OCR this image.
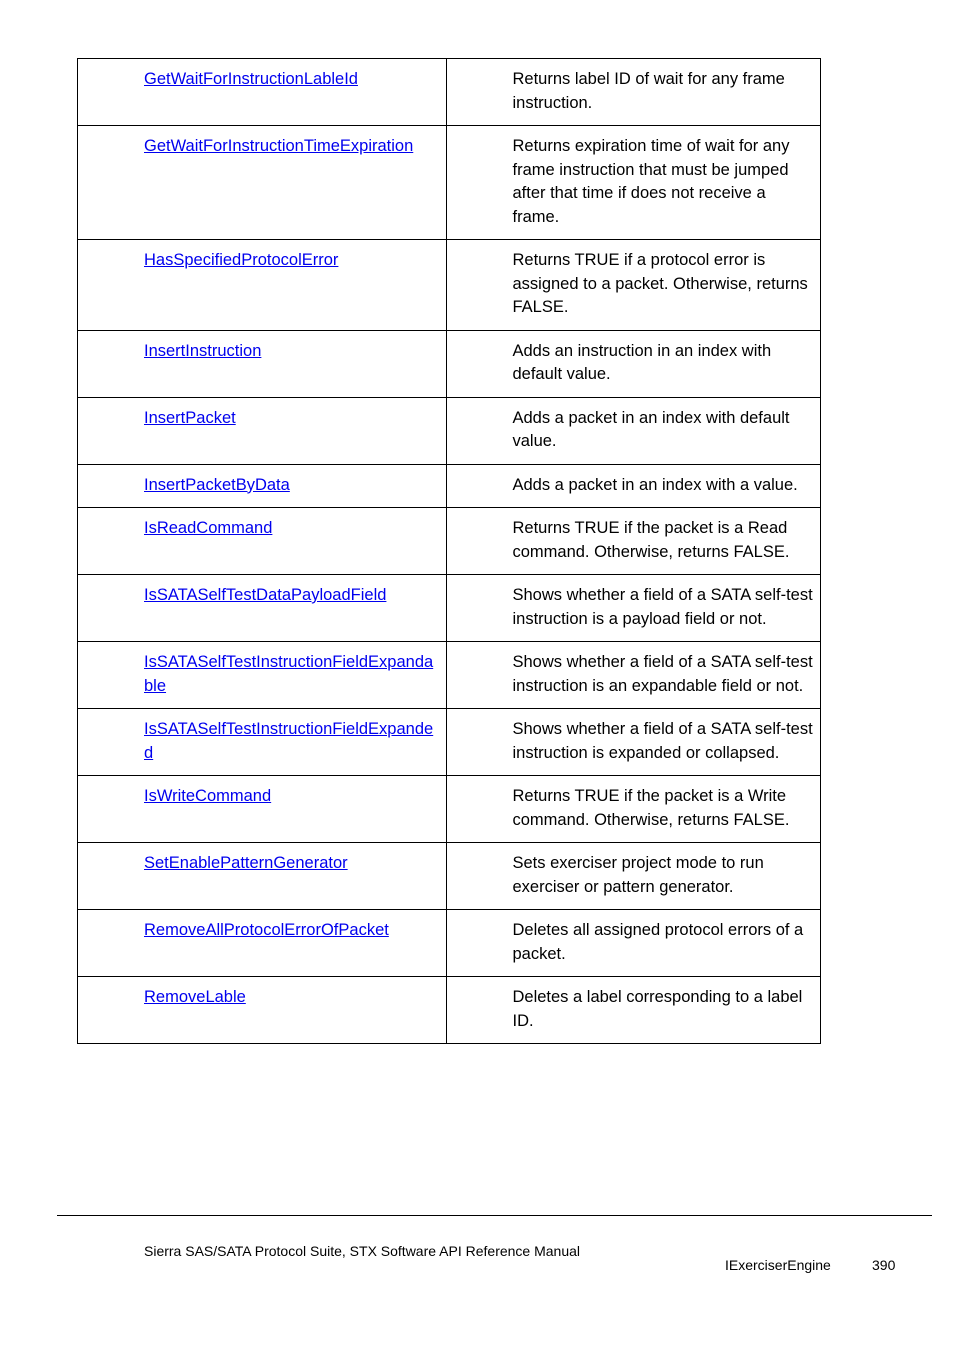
GetWaitForInstructionLableId	Returns label ID of wait for any frame instruction.
GetWaitForInstructionTimeExpiration	Returns expiration time of wait for any frame instruction that must be jumped after that time if does not receive a frame.
HasSpecifiedProtocolError	Returns TRUE if a protocol error is assigned to a packet. Otherwise, returns FALSE.
InsertInstruction	Adds an instruction in an index with default value.
InsertPacket	Adds a packet in an index with default value.
InsertPacketByData	Adds a packet in an index with a value.
IsReadCommand	Returns TRUE if the packet is a Read command. Otherwise, returns FALSE.
IsSATASelfTestDataPayloadField	Shows whether a field of a SATA self-test instruction is a payload field or not.
IsSATASelfTestInstructionFieldExpandable	Shows whether a field of a SATA self-test instruction is an expandable field or not.
IsSATASelfTestInstructionFieldExpanded	Shows whether a field of a SATA self-test instruction is expanded or collapsed.
IsWriteCommand	Returns TRUE if the packet is a Write command. Otherwise, returns FALSE.
SetEnablePatternGenerator	Sets exerciser project mode to run exerciser or pattern generator.
RemoveAllProtocolErrorOfPacket	Deletes all assigned protocol errors of a packet.
RemoveLable	Deletes a label corresponding to a label ID.
Sierra SAS/SATA Protocol Suite, STX Software API Reference Manual
IExerciserEngine	390
